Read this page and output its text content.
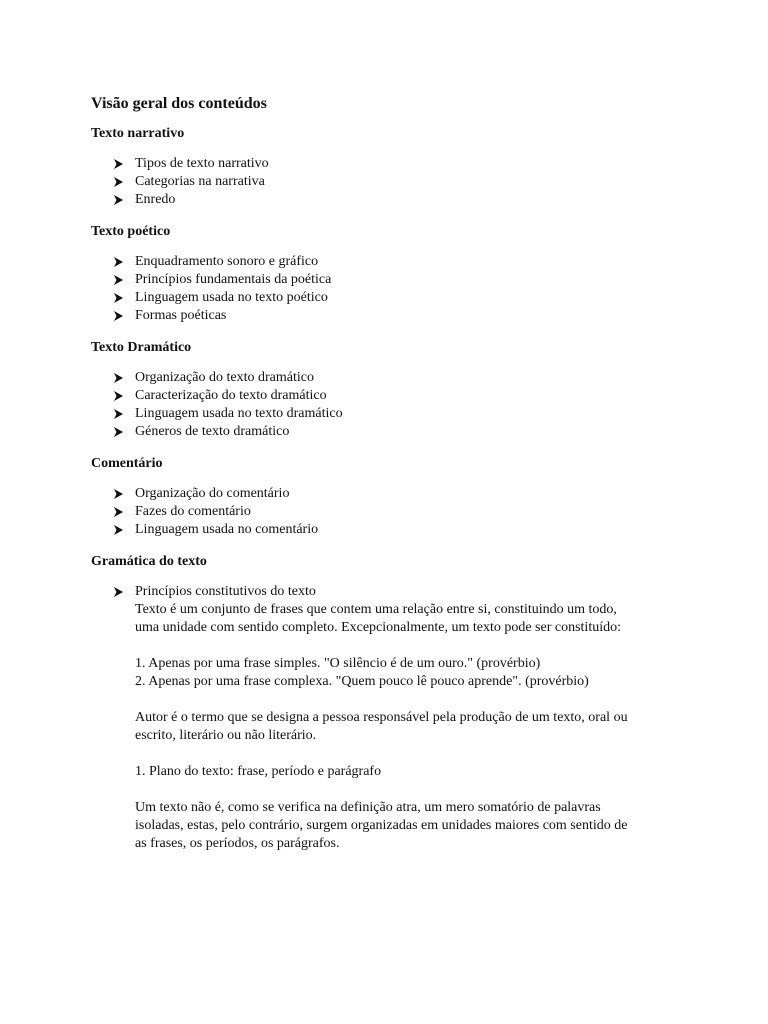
Visão geral dos conteúdos
Texto narrativo
Tipos de texto narrativo
Categorias na narrativa
Enredo
Texto poético
Enquadramento sonoro e gráfico
Princípios fundamentais da poética
Linguagem usada no texto poético
Formas poéticas
Texto Dramático
Organização do texto dramático
Caracterização do texto dramático
Linguagem usada no texto dramático
Géneros de texto dramático
Comentário
Organização do comentário
Fazes do comentário
Linguagem usada no comentário
Gramática do texto
Princípios constitutivos do texto

Texto é um conjunto de frases que contem uma relação entre si, constituindo um todo,

uma unidade com sentido completo. Excepcionalmente, um texto pode ser constituído:

1. Apenas por uma frase simples. "O silêncio é de um ouro." (provérbio)

2. Apenas por uma frase complexa. "Quem pouco lê pouco aprende". (provérbio)

Autor é o termo que se designa a pessoa responsável pela produção de um texto, oral ou

escrito, literário ou não literário.

1. Plano do texto: frase, período e parágrafo

Um texto não é, como se verifica na definição atra, um mero somatório de palavras

isoladas, estas, pelo contrário, surgem organizadas em unidades maiores com sentido de

as frases, os períodos, os parágrafos.
